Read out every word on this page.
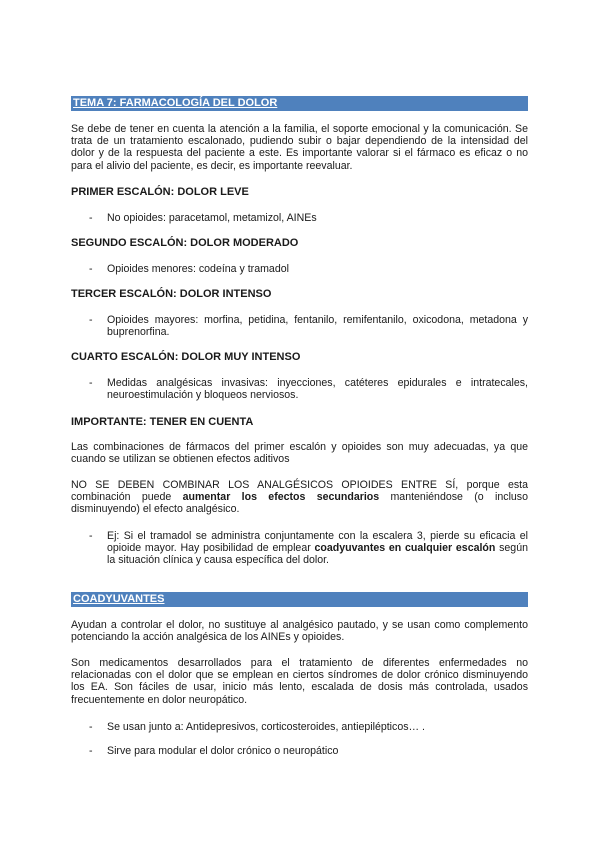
TEMA 7: FARMACOLOGÍA DEL DOLOR
Se debe de tener en cuenta la atención a la familia, el soporte emocional y la comunicación. Se trata de un tratamiento escalonado, pudiendo subir o bajar dependiendo de la intensidad del dolor y de la respuesta del paciente a este. Es importante valorar si el fármaco es eficaz o no para el alivio del paciente, es decir, es importante reevaluar.
PRIMER ESCALÓN: DOLOR LEVE
- No opioides: paracetamol, metamizol, AINEs
SEGUNDO ESCALÓN: DOLOR MODERADO
- Opioides menores: codeína y tramadol
TERCER ESCALÓN: DOLOR INTENSO
- Opioides mayores: morfina, petidina, fentanilo, remifentanilo, oxicodona, metadona y buprenorfina.
CUARTO ESCALÓN: DOLOR MUY INTENSO
- Medidas analgésicas invasivas: inyecciones, catéteres epidurales e intratecales, neuroestimulación y bloqueos nerviosos.
IMPORTANTE: TENER EN CUENTA
Las combinaciones de fármacos del primer escalón y opioides son muy adecuadas, ya que cuando se utilizan se obtienen efectos aditivos
NO SE DEBEN COMBINAR LOS ANALGÉSICOS OPIOIDES ENTRE SÍ, porque esta combinación puede aumentar los efectos secundarios manteniéndose (o incluso disminuyendo) el efecto analgésico.
- Ej: Si el tramadol se administra conjuntamente con la escalera 3, pierde su eficacia el opioide mayor. Hay posibilidad de emplear coadyuvantes en cualquier escalón según la situación clínica y causa específica del dolor.
COADYUVANTES
Ayudan a controlar el dolor, no sustituye al analgésico pautado, y se usan como complemento potenciando la acción analgésica de los AINEs y opioides.
Son medicamentos desarrollados para el tratamiento de diferentes enfermedades no relacionadas con el dolor que se emplean en ciertos síndromes de dolor crónico disminuyendo los EA. Son fáciles de usar, inicio más lento, escalada de dosis más controlada, usados frecuentemente en dolor neuropático.
- Se usan junto a: Antidepresivos, corticosteroides, antiepilépticos… .
- Sirve para modular el dolor crónico o neuropático
